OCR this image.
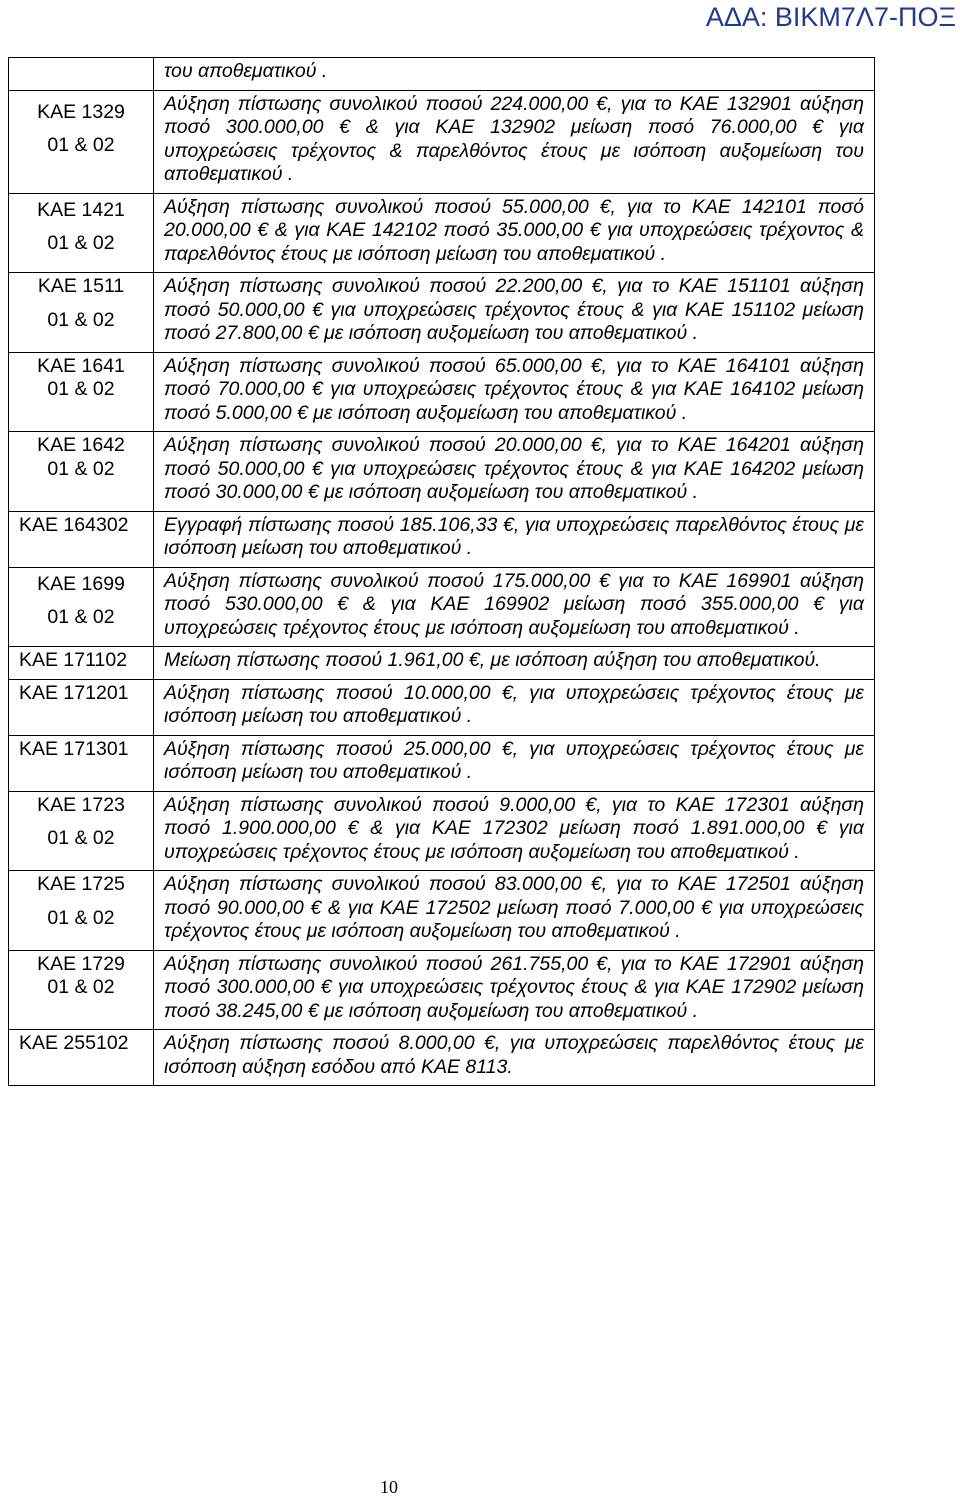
ΑΔΑ: ΒΙΚΜ7Λ7-ΠΟΞ
	του αποθεματικού .

ΚΑΕ 1329
01 & 02	Αύξηση πίστωσης συνολικού ποσού 224.000,00 €, για το ΚΑΕ 132901 αύξηση ποσό 300.000,00 € & για ΚΑΕ 132902 μείωση ποσό 76.000,00 € για υποχρεώσεις τρέχοντος & παρελθόντος έτους με ισόποση αυξομείωση του αποθεματικού .

ΚΑΕ 1421
01 & 02	Αύξηση πίστωσης συνολικού ποσού 55.000,00 €, για το ΚΑΕ 142101 ποσό 20.000,00 € & για ΚΑΕ 142102 ποσό 35.000,00 € για υποχρεώσεις τρέχοντος & παρελθόντος έτους με ισόποση μείωση του αποθεματικού .

ΚΑΕ 1511
01 & 02	Αύξηση πίστωσης συνολικού ποσού 22.200,00 €, για το ΚΑΕ 151101 αύξηση ποσό 50.000,00 € για υποχρεώσεις τρέχοντος έτους & για ΚΑΕ 151102 μείωση ποσό 27.800,00 € με ισόποση αυξομείωση του αποθεματικού .

ΚΑΕ 1641
01 & 02	Αύξηση πίστωσης συνολικού ποσού 65.000,00 €, για το ΚΑΕ 164101 αύξηση ποσό 70.000,00 € για υποχρεώσεις τρέχοντος έτους & για ΚΑΕ 164102 μείωση ποσό 5.000,00 € με ισόποση αυξομείωση του αποθεματικού .

ΚΑΕ 1642
01 & 02	Αύξηση πίστωσης συνολικού ποσού 20.000,00 €, για το ΚΑΕ 164201 αύξηση ποσό 50.000,00 € για υποχρεώσεις τρέχοντος έτους & για ΚΑΕ 164202 μείωση ποσό 30.000,00 € με ισόποση αυξομείωση του αποθεματικού .

ΚΑΕ 164302	Εγγραφή πίστωσης ποσού 185.106,33 €, για υποχρεώσεις παρελθόντος έτους με ισόποση μείωση του αποθεματικού .

ΚΑΕ 1699
01 & 02	Αύξηση πίστωσης συνολικού ποσού 175.000,00 € για το ΚΑΕ 169901 αύξηση ποσό 530.000,00 € & για ΚΑΕ 169902 μείωση ποσό 355.000,00 € για υποχρεώσεις τρέχοντος έτους με ισόποση αυξομείωση του αποθεματικού .

ΚΑΕ 171102	Μείωση πίστωσης ποσού 1.961,00 €, με ισόποση αύξηση του αποθεματικού.

ΚΑΕ 171201	Αύξηση πίστωσης ποσού 10.000,00 €, για υποχρεώσεις τρέχοντος έτους με ισόποση μείωση του αποθεματικού .

ΚΑΕ 171301	Αύξηση πίστωσης ποσού 25.000,00 €, για υποχρεώσεις τρέχοντος έτους με ισόποση μείωση του αποθεματικού .

ΚΑΕ 1723
01 & 02	Αύξηση πίστωσης συνολικού ποσού 9.000,00 €, για το ΚΑΕ 172301 αύξηση ποσό 1.900.000,00 € & για ΚΑΕ 172302 μείωση ποσό 1.891.000,00 € για υποχρεώσεις τρέχοντος έτους με ισόποση αυξομείωση του αποθεματικού .

ΚΑΕ 1725
01 & 02	Αύξηση πίστωσης συνολικού ποσού 83.000,00 €, για το ΚΑΕ 172501 αύξηση ποσό 90.000,00 € & για ΚΑΕ 172502 μείωση ποσό 7.000,00 € για υποχρεώσεις τρέχοντος έτους με ισόποση αυξομείωση του αποθεματικού .

ΚΑΕ 1729
01 & 02	Αύξηση πίστωσης συνολικού ποσού 261.755,00 €, για το ΚΑΕ 172901 αύξηση ποσό 300.000,00 € για υποχρεώσεις τρέχοντος έτους & για ΚΑΕ 172902 μείωση ποσό 38.245,00 € με ισόποση αυξομείωση του αποθεματικού .

ΚΑΕ 255102	Αύξηση πίστωσης ποσού 8.000,00 €, για υποχρεώσεις παρελθόντος έτους με ισόποση αύξηση εσόδου από ΚΑΕ 8113.
10
